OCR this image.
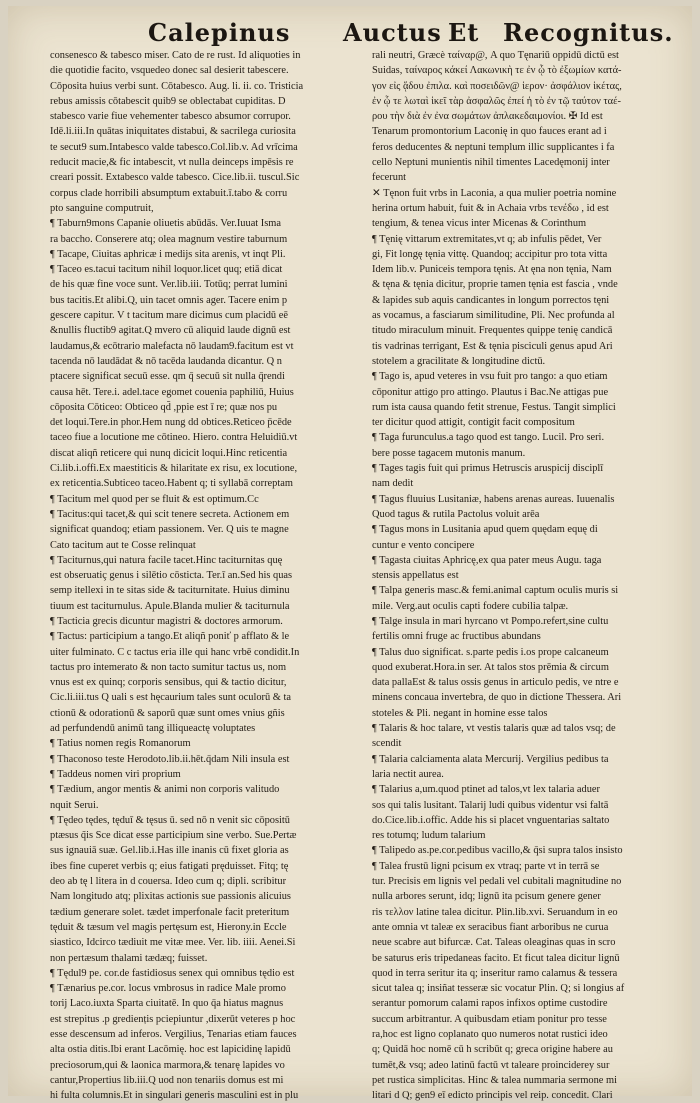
Calepinus Auctus Et Recognitus.
consenesco & tabesco miser. Cato de re rust. Id aliquoties in
die quotidie facito, vsquedeo donec sal desierit tabescere.
Cōposita huius verbi sunt. Cōtabesco. Aug. li. ii. co. Tristicia
rebus amissis cōtabescit quib9 se oblectabat cupiditas. D
stabesco varie fiue vehementer tabesco absumor corrupor.
Idē.li.iii.In quātas iniquitates distabui, & sacrilega curiosita
te secut9 sum.Intabesco valde tabesco.Col.lib.v. Ad vrīcima
reducit macie,& fic intabescit, vt nulla deinceps impēsis re
creari possit. Extabesco valde tabesco. Cice.lib.ii. tuscul.Sic
corpus clade horribili absumptum extabuit.ī.tabo & corru
pto sanguine computruit,
¶ Taburn9mons Capanie oliuetis abūdās. Ver.Iuuat Isma
ra baccho. Conserere atq; olea magnum vestire taburnum
¶ Tacape, Ciuitas aphricæ i medijs sita arenis, vt inqt Pli.
¶ Taceo es.tacui tacitum nihil loquor.licet quq; etiā dicat
de his quæ fine voce sunt. Ver.lib.iii. Totūq; perrat lumini
bus tacitis.Et alibi.Q, uin tacet omnis ager. Tacere enim p
gescere capitur. V t tacitum mare dicimus cum placidū eē
&nullis fluctib9 agitat.Q mvero cū aliquid laude dignū est
laudamus,& ecōtrario malefacta nō laudam9.facitum est vt
tacenda nō laudādat & nō tacēda laudanda dicantur. Q n
ptacere significat secuū esse. qm q̄ secuū sit nulla q̄rendi
causa hēt. Tere.i. adel.tace egomet couenia paphiliū, Huius
cōposita Cōticeo: Obticeo qd̄ ,ppie est ī re; quæ nos pu
det loqui.Tere.in phor.Hem nung dd obtices.Reticeo p̄cēde
taceo fiue a locutione me cōtineo. Hiero. contra Heluidiū.vt
discat aliqñ reticere qui nunq dicicit loqui.Hinc reticentia
Ci.lib.i.offi.Ex maestiticis & hilaritate ex risu, ex locutione,
ex reticentia.Subticeo taceo.Habent q; ti syllabā correptam
¶ Tacitum mel quod per se fluit & est optimum.Cc
¶ Tacitus:qui tacet,& qui scit tenere secreta. Actionem em
significat quandoq; etiam passionem. Ver. Q uis te magne
Cato tacitum aut te Cosse relinquat
¶ Taciturnus,qui natura facile tacet.Hinc taciturnitas quę
est obseruatiç genus i silētio cōsticta. Ter.ī an.Sed his quas
semp itellexi in te sitas side & taciturnitate. Huius diminu
tiuum est taciturnulus. Apule.Blanda mulier & taciturnula
¶ Tacticia grecis dicuntur magistri & doctores armorum.
¶ Tactus: participium a tango.Et aliqñ poniť p afflato & le
uiter fulminato. C c tactus eria ille qui hanc vrbē condidit.In
tactus pro intemerato & non tacto sumitur tactus us, nom
vnus est ex quinq; corporis sensibus, qui & tactio dicitur,
Cic.li.iii.tus Q uali s est hęcaurium tales sunt oculorū & ta
ctionū & odorationū & saporū quæ sunt omes vnius gñis
ad perfundendū animū tang illiqueactę voluptates
¶ Tatius nomen regis Romanorum
¶ Thaconoso teste Herodoto.lib.ii.hēt.q̄dam Nili insula est
¶ Taddeus nomen viri proprium
¶ Tædium, angor mentis & animi non corporis valitudo
nquit Serui.
¶ Tędeo tędes, tęduī & tęsus ū. sed nō n venit sic cōpositū
ptæsus q̃is Sce dicat esse participium sine verbo. Sue.Pertæ
sus ignauiā suæ. Gel.lib.i.Has ille inanis cū fixet gloria as
ibes fine cuperet verbis q; eius fatigati pręduisset. Fitq; tę
deo ab tę l litera in d couersa. Ideo cum q; dipli. scribitur
Nam longitudo atq; plixitas actionis sue passionis alicuius
tædium generare solet. tædet imperfonale facit preteritum
tęduit & tæsum vel magis pertęsum est, Hierony.in Eccle
siastico, Idcirco tædiuit me vitæ mee. Ver. lib. iiii. Aenei.Si
non pertæsum thalami tædæq; fuisset.
¶ Tędul9 pe. cor.de fastidiosus senex qui omnibus tędio est
¶ Tænarius pe.cor. locus vmbrosus in radice Male promo
torij Laco.iuxta Sparta ciuitatē. In quo q̄a hiatus magnus
est strepitus .p grediențis pciepiuntur ,dixerūt veteres p hoc
esse descensum ad inferos. Vergilius, Tenarias etiam fauces
alta ostia ditis.Ibi erant Lacōmię. hoc est lapicidinę lapidū
preciosorum,qui & laonica marmora,& tenarę lapides vo
cantur,Propertius lib.iii.Q uod non tenariis domus est mi
hi fulta columnis.Et in singulari generis masculini est in plu
rali neutri, Græcè ταίναρ@, A quo Tęnariū oppidū dictū est
Suidas, ταίναρος κάκεί Λακωνικὴ τε ἐν ᾧ τὸ ἐξωμίων κατά-
γον εἰς ᾅδου ἐπιλα. καὶ ποσειδῶν@ ἱερον· ἀσφάλιον ἱκέτας,
ἐν ᾧ τε λωταὶ ἱκεῖ τὰρ ἀσφαλῶς ἐπεί ἡ τὸ ἐν τῷ ταύτον ταέ-
ρου τὴν διὰ ἐν ἐνα σωμάτων ἀπλακεδαιμονίοι. ✠ Id est
Tenarum promontorium Laconię in quo fauces erant ad i
feros deducentes & neptuni templum illic supplicantes i fa
cello Neptuni munientis nihil timentes Lacedęmonij inter
fecerunt
✕ Tęnon fuit vrbs in Laconia, a qua mulier poetria nomine
herina ortum habuit, fuit & in Achaia vrbs τενέδω , id est
tengium, & tenea vicus inter Micenas & Corinthum
¶ Tęnię vittarum extremitates,vt q; ab infulis pēdet, Ver
gi, Fit longę tęnia vittę. Quandoq; accipitur pro tota vitta
Idem lib.v. Puniceis tempora tęnis. At ęna non tęnia, Nam
& tęna & tęnia dicitur, proprie tamen tęnia est fascia , vnde
& lapides sub aquis candicantes in longum porrectos tęni
as vocamus, a fasciarum similitudine, Pli. Nec profunda al
titudo miraculum minuit. Frequentes quippe tenię candicā
tis vadrinas terrigant, Est & tęnia pisciculi genus apud Ari
stotelem a gracilitate & longitudine dictū.
¶ Tago is, apud veteres in vsu fuit pro tango: a quo etiam
cōponitur attigo pro attingo. Plautus i Bac.Ne attigas pue
rum ista causa quando fetit strenue, Festus. Tangit simplici
ter dicitur quod attigit, contigit facit compositum
¶ Taga furunculus.a tago quod est tango. Lucil. Pro seri.
bere posse tagacem mutonis manum.
¶ Tages tagis fuit qui primus Hetruscis aruspicij disciplī
nam dedit
¶ Tagus fluuius Lusitaniæ, habens arenas aureas. Iuuenalis
Quod tagus & rutila Pactolus voluit arēa
¶ Tagus mons in Lusitania apud quem quędam equę di
cuntur e vento concipere
¶ Tagasta ciuitas Aphricę,ex qua pater meus Augu. taga
stensis appellatus est
¶ Talpa generis masc.& femi.animal captum oculis muris si
mile. Verg.aut oculis capti fodere cubilia talpæ.
¶ Talge insula in mari hyrcano vt Pompo.refert,sine cultu
fertilis omni fruge ac fructibus abundans
¶ Talus duo significat. s.parte pedis i.os prope calcaneum
quod exuberat.Hora.in ser. At talos stos prēmia & circum
data pallaEst & talus ossis genus in articulo pedis, ve ntre e
minens concaua invertebra, de quo in dictione Thessera. Ari
stoteles & Pli. negant in homine esse talos
¶ Talaris & hoc talare, vt vestis talaris quæ ad talos vsq; de
scendit
¶ Talaria calciamenta alata Mercurij. Vergilius pedibus ta
laria nectit aurea.
¶ Talarius a,um.quod ptinet ad talos,vt lex talaria aduer
sos qui talis lusitant. Talarij ludi quibus videntur vsi faltā
do.Cice.lib.i.offic. Adde his si placet vnguentarias saltato
res totumq; ludum talarium
¶ Talipedo as.pe.cor.pedibus vacillo,& q̄si supra talos insisto
¶ Talea frustū ligni pcisum ex vtraq; parte vt in terrā se
tur. Precisis em lignis vel pedali vel cubitali magnitudine no
nulla arbores serunt, idq; lignū ita pcisum genere gener
ris τελλον latine talea dicitur. Plin.lib.xvi. Seruandum in eo
ante omnia vt taleæ ex seracibus fiant arboribus ne curua
neue scabre aut bifurcæ. Cat. Taleas oleaginas quas in scro
be saturus eris tripedaneas facito. Et ficut talea dicitur lignū
quod in terra seritur ita q; inseritur ramo calamus & tessera
sicut talea q; insiñat tesseræ sic vocatur Plin. Q; si longius af
serantur pomorum calami rapos infixos optime custodire
succum arbitrantur. A quibusdam etiam ponitur pro tesse
ra,hoc est ligno coplanato quo numeros notat rustici ideo
q; Quidā hoc nomē cū h scribūt q; greca origine habere au
tumēt,& vsq; adeo latinū factū vt taleare proinciderey sur
pet rustica simplicitas. Hinc & talea nummaria sermone mi
litari d Q; gen9 eī edicto principis vel reip. concedit. Clari
